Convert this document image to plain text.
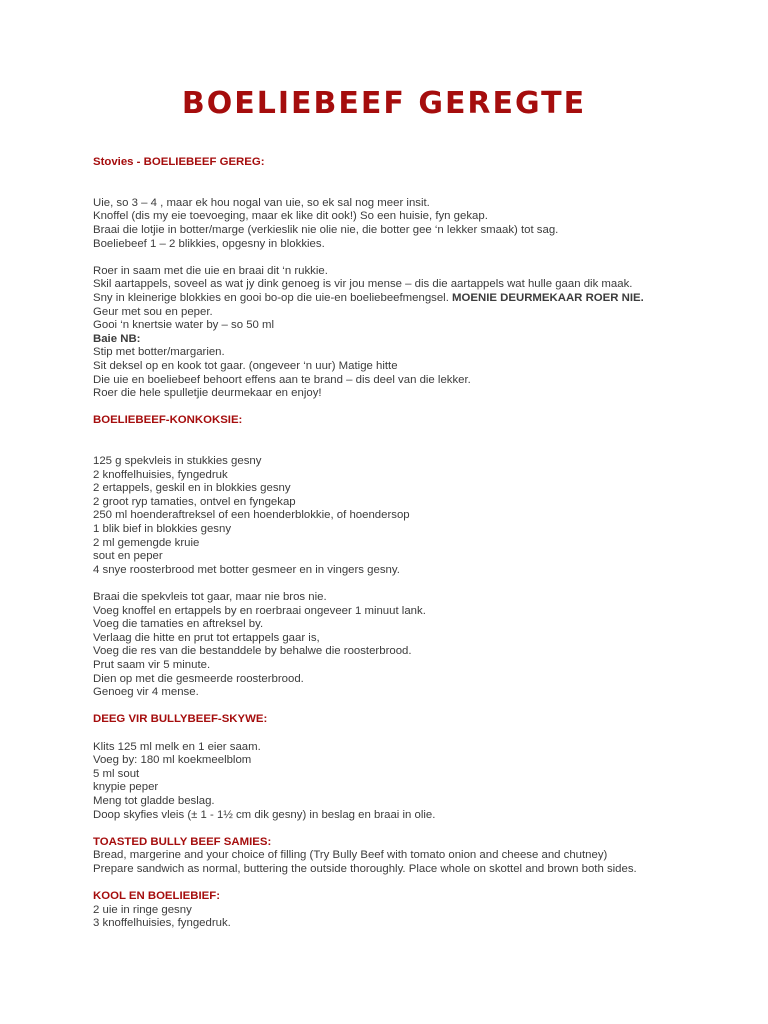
BOELIEBEEF GEREGTE
Stovies - BOELIEBEEF GEREG:
Uie, so 3 – 4 , maar ek hou nogal van uie, so ek sal nog meer insit.
Knoffel (dis my eie toevoeging, maar ek like dit ook!) So een huisie, fyn gekap.
Braai die lotjie in botter/marge (verkieslik nie olie nie, die botter gee ‘n lekker smaak) tot sag.
Boeliebeef 1 – 2 blikkies, opgesny in blokkies.
Roer in saam met die uie en braai dit ‘n rukkie.
Skil aartappels, soveel as wat jy dink genoeg is vir jou mense – dis die aartappels wat hulle gaan dik maak.
Sny in kleinerige blokkies en gooi bo-op die uie-en boeliebeefmengsel. MOENIE DEURMEKAAR ROER NIE.
Geur met sou en peper.
Gooi ‘n knertsie water by – so 50 ml
Baie NB:
Stip met botter/margarien.
Sit deksel op en kook tot gaar. (ongeveer ‘n uur) Matige hitte
Die uie en boeliebeef behoort effens aan te brand – dis deel van die lekker.
Roer die hele spulletjie deurmekaar en enjoy!
BOELIEBEEF-KONKOKSIE:
125 g spekvleis in stukkies gesny
2 knoffelhuisies, fyngedruk
2 ertappels, geskil en in blokkies gesny
2 groot ryp tamaties, ontvel en fyngekap
250 ml hoenderaftreksel of een hoenderblokkie, of hoendersop
1 blik bief in blokkies gesny
2 ml gemengde kruie
sout en peper
4 snye roosterbrood met botter gesmeer en in vingers gesny.
Braai die spekvleis tot gaar, maar nie bros nie.
Voeg knoffel en ertappels by en roerbraai ongeveer 1 minuut lank.
Voeg die tamaties en aftreksel by.
Verlaag die hitte en prut tot ertappels gaar is,
Voeg die res van die bestanddele by behalwe die roosterbrood.
Prut saam vir 5 minute.
Dien op met die gesmeerde roosterbrood.
Genoeg vir 4 mense.
DEEG VIR BULLYBEEF-SKYWE:
Klits 125 ml melk en 1 eier saam.
Voeg by: 180 ml koekmeelblom
5 ml sout
knypie peper
Meng tot gladde beslag.
Doop skyfies vleis (± 1 - 1½ cm dik gesny) in beslag en braai in olie.
TOASTED BULLY BEEF SAMIES:
Bread, margerine and your choice of filling (Try Bully Beef with tomato onion and cheese and chutney)
Prepare sandwich as normal, buttering the outside thoroughly. Place whole on skottel and brown both sides.
KOOL EN BOELIEBIEF:
2 uie in ringe gesny
3 knoffelhuisies, fyngedruk.
